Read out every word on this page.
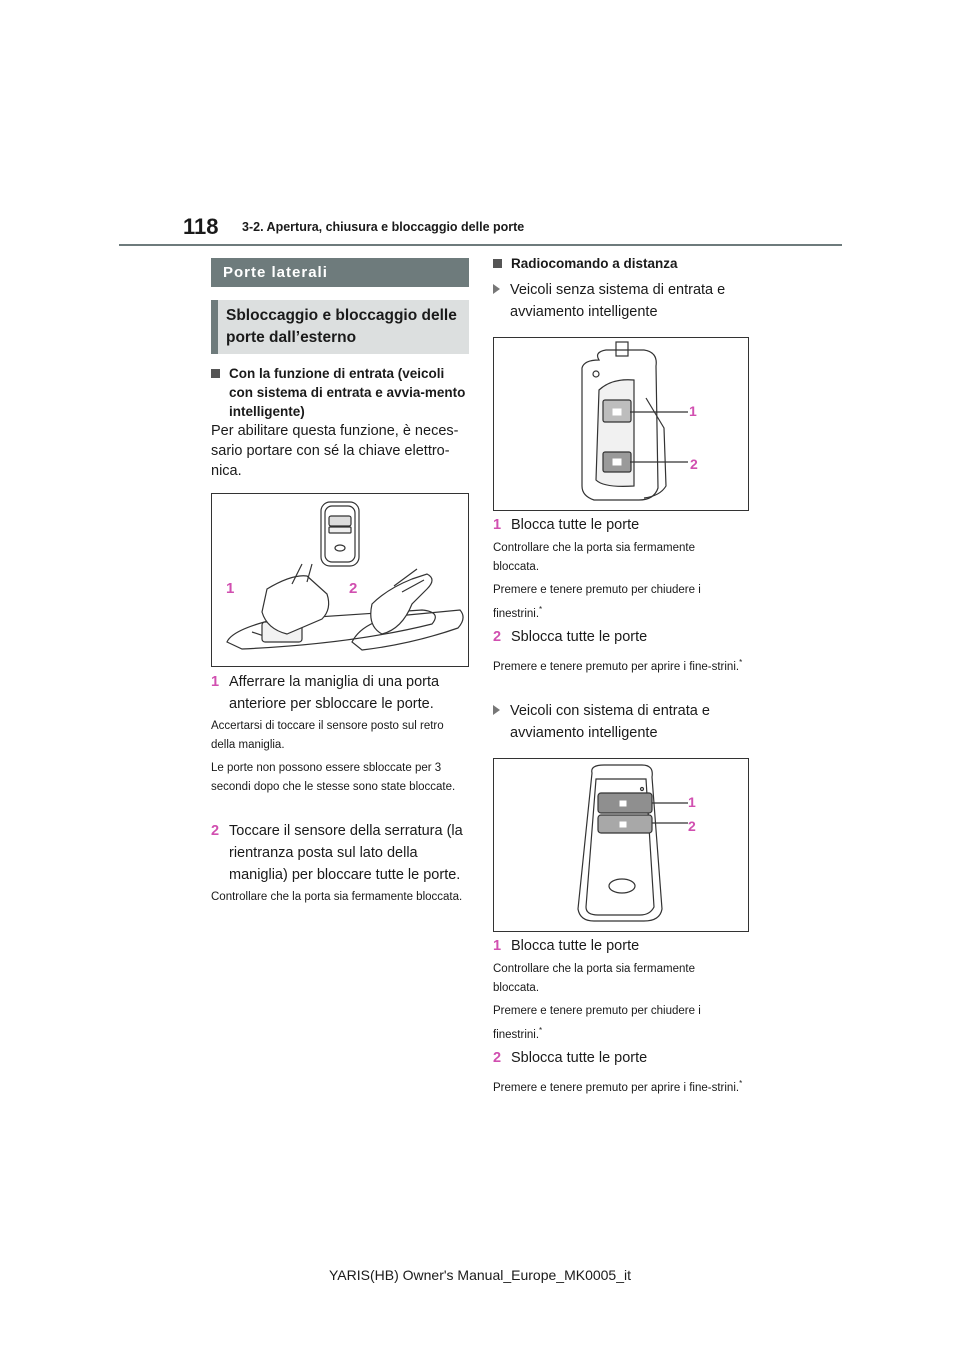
118 3-2. Apertura, chiusura e bloccaggio delle porte
Porte laterali
Sbloccaggio e bloccaggio delle porte dall’esterno
Con la funzione di entrata (veicoli con sistema di entrata e avvia-mento intelligente)
Per abilitare questa funzione, è neces-sario portare con sé la chiave elettro-nica.
1	2
1 Afferrare la maniglia di una porta anteriore per sbloccare le porte.
Accertarsi di toccare il sensore posto sul retro della maniglia.
Le porte non possono essere sbloccate per 3 secondi dopo che le stesse sono state bloccate.
2 Toccare il sensore della serratura (la rientranza posta sul lato della maniglia) per bloccare tutte le porte.
Controllare che la porta sia fermamente bloccata.
Radiocomando a distanza
Veicoli senza sistema di entrata e avviamento intelligente
1
2
1 Blocca tutte le porte
Controllare che la porta sia fermamente bloccata.
Premere e tenere premuto per chiudere i finestrini.*
2 Sblocca tutte le porte
Premere e tenere premuto per aprire i fine-strini.*
Veicoli con sistema di entrata e avviamento intelligente
1
2
1 Blocca tutte le porte
Controllare che la porta sia fermamente bloccata.
Premere e tenere premuto per chiudere i finestrini.*
2 Sblocca tutte le porte
Premere e tenere premuto per aprire i fine-strini.*
YARIS(HB) Owner's Manual_Europe_MK0005_it
